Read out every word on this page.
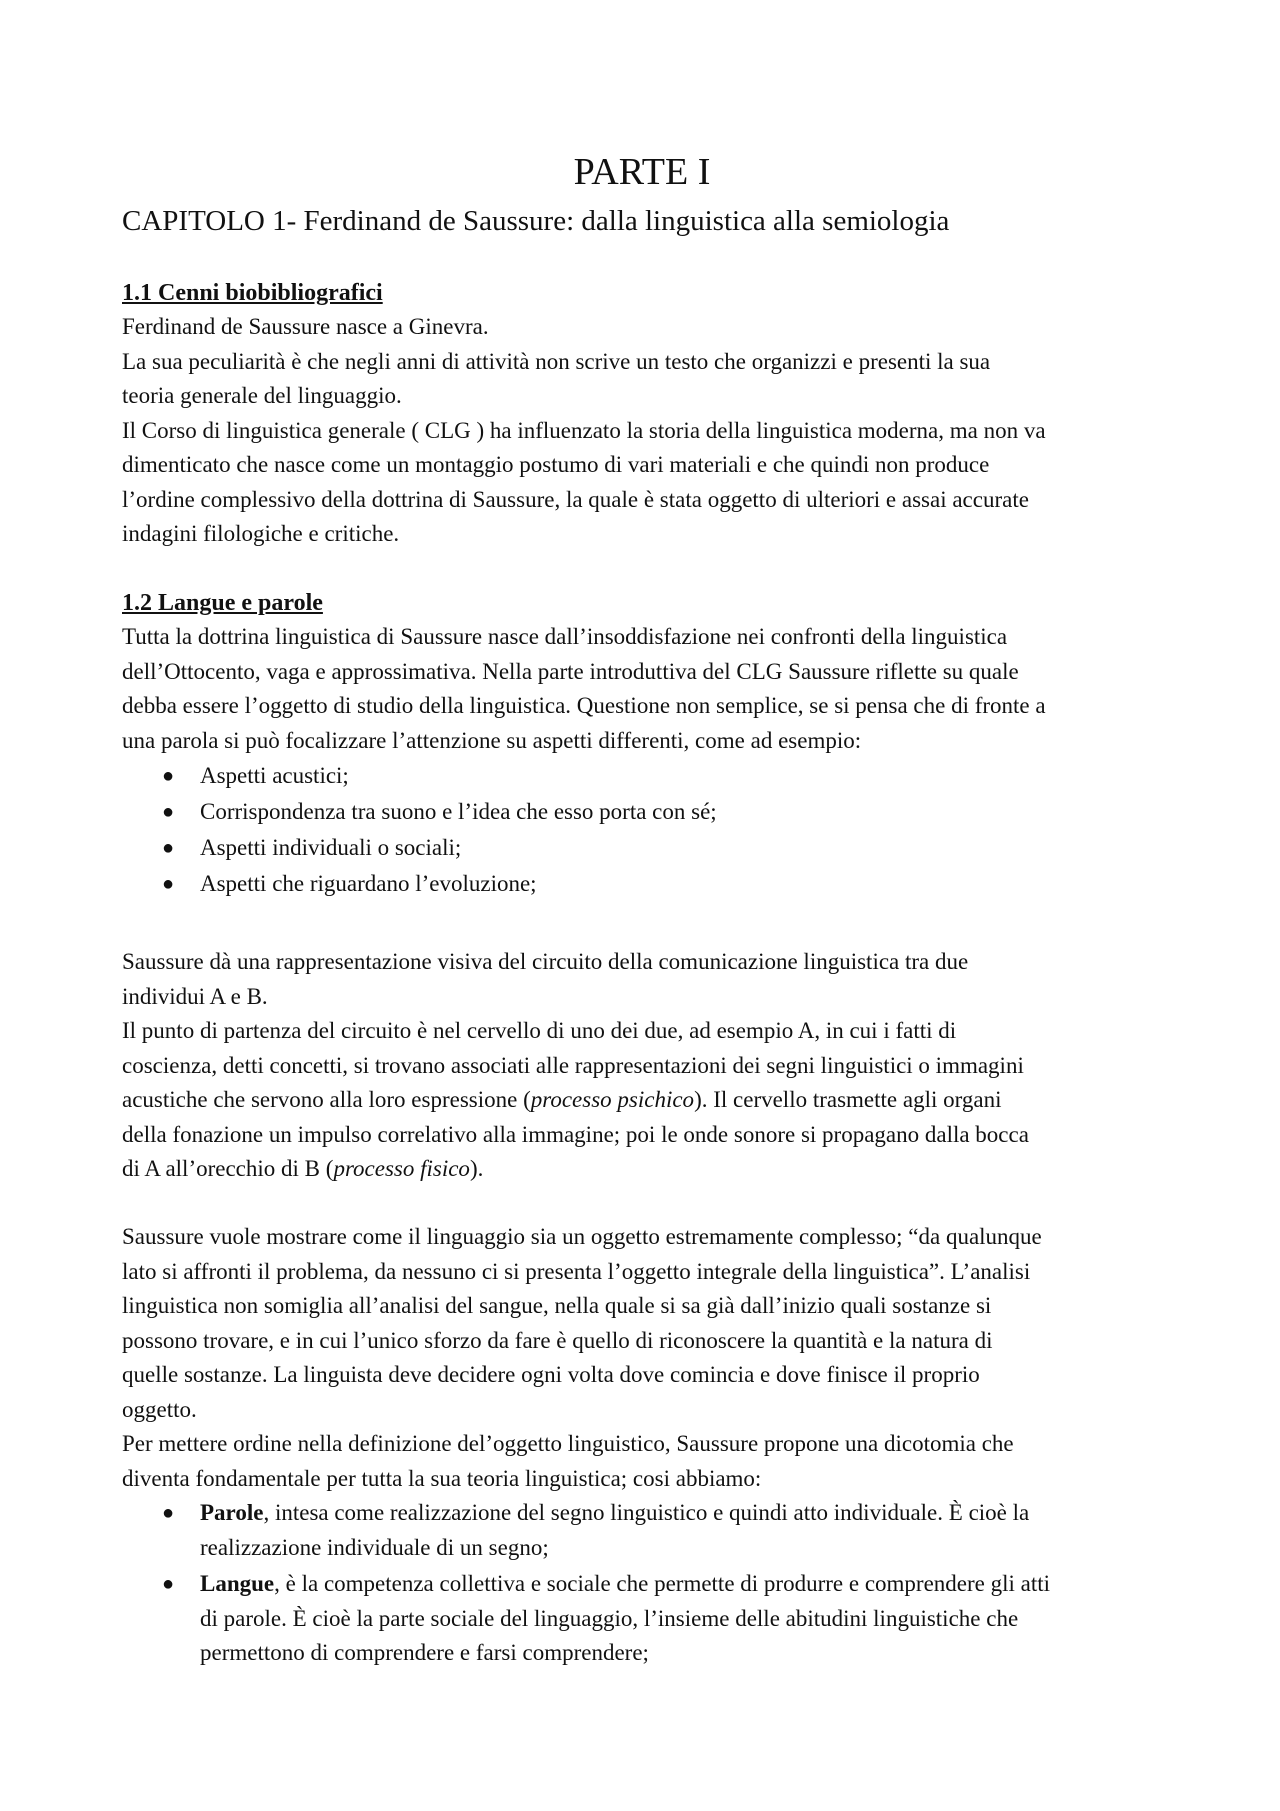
PARTE I
CAPITOLO 1- Ferdinand de Saussure: dalla linguistica alla semiologia
1.1 Cenni biobibliografici

Ferdinand de Saussure nasce a Ginevra.

La sua peculiarità è che negli anni di attività non scrive un testo che organizzi e presenti la sua

teoria generale del linguaggio.

Il Corso di linguistica generale ( CLG ) ha influenzato la storia della linguistica moderna, ma non va

dimenticato che nasce come un montaggio postumo di vari materiali e che quindi non produce

l’ordine complessivo della dottrina di Saussure, la quale è stata oggetto di ulteriori e assai accurate

indagini filologiche e critiche.

1.2 Langue e parole

Tutta la dottrina linguistica di Saussure nasce dall’insoddisfazione nei confronti della linguistica

dell’Ottocento, vaga e approssimativa. Nella parte introduttiva del CLG Saussure riflette su quale

debba essere l’oggetto di studio della linguistica. Questione non semplice, se si pensa che di fronte a

una parola si può focalizzare l’attenzione su aspetti differenti, come ad esempio:

● Aspetti acustici;
● Corrispondenza tra suono e l’idea che esso porta con sé;
● Aspetti individuali o sociali;
● Aspetti che riguardano l’evoluzione;

Saussure dà una rappresentazione visiva del circuito della comunicazione linguistica tra due

individui A e B.

Il punto di partenza del circuito è nel cervello di uno dei due, ad esempio A, in cui i fatti di

coscienza, detti concetti, si trovano associati alle rappresentazioni dei segni linguistici o immagini

acustiche che servono alla loro espressione (processo psichico). Il cervello trasmette agli organi

della fonazione un impulso correlativo alla immagine; poi le onde sonore si propagano dalla bocca

di A all’orecchio di B (processo fisico).

Saussure vuole mostrare come il linguaggio sia un oggetto estremamente complesso; “da qualunque

lato si affronti il problema, da nessuno ci si presenta l’oggetto integrale della linguistica”. L’analisi

linguistica non somiglia all’analisi del sangue, nella quale si sa già dall’inizio quali sostanze si

possono trovare, e in cui l’unico sforzo da fare è quello di riconoscere la quantità e la natura di

quelle sostanze. La linguista deve decidere ogni volta dove comincia e dove finisce il proprio

oggetto.

Per mettere ordine nella definizione del’oggetto linguistico, Saussure propone una dicotomia che

diventa fondamentale per tutta la sua teoria linguistica; cosi abbiamo:

● Parole, intesa come realizzazione del segno linguistico e quindi atto individuale. È cioè la
realizzazione individuale di un segno;
● Langue, è la competenza collettiva e sociale che permette di produrre e comprendere gli atti
di parole. È cioè la parte sociale del linguaggio, l’insieme delle abitudini linguistiche che
permettono di comprendere e farsi comprendere;
